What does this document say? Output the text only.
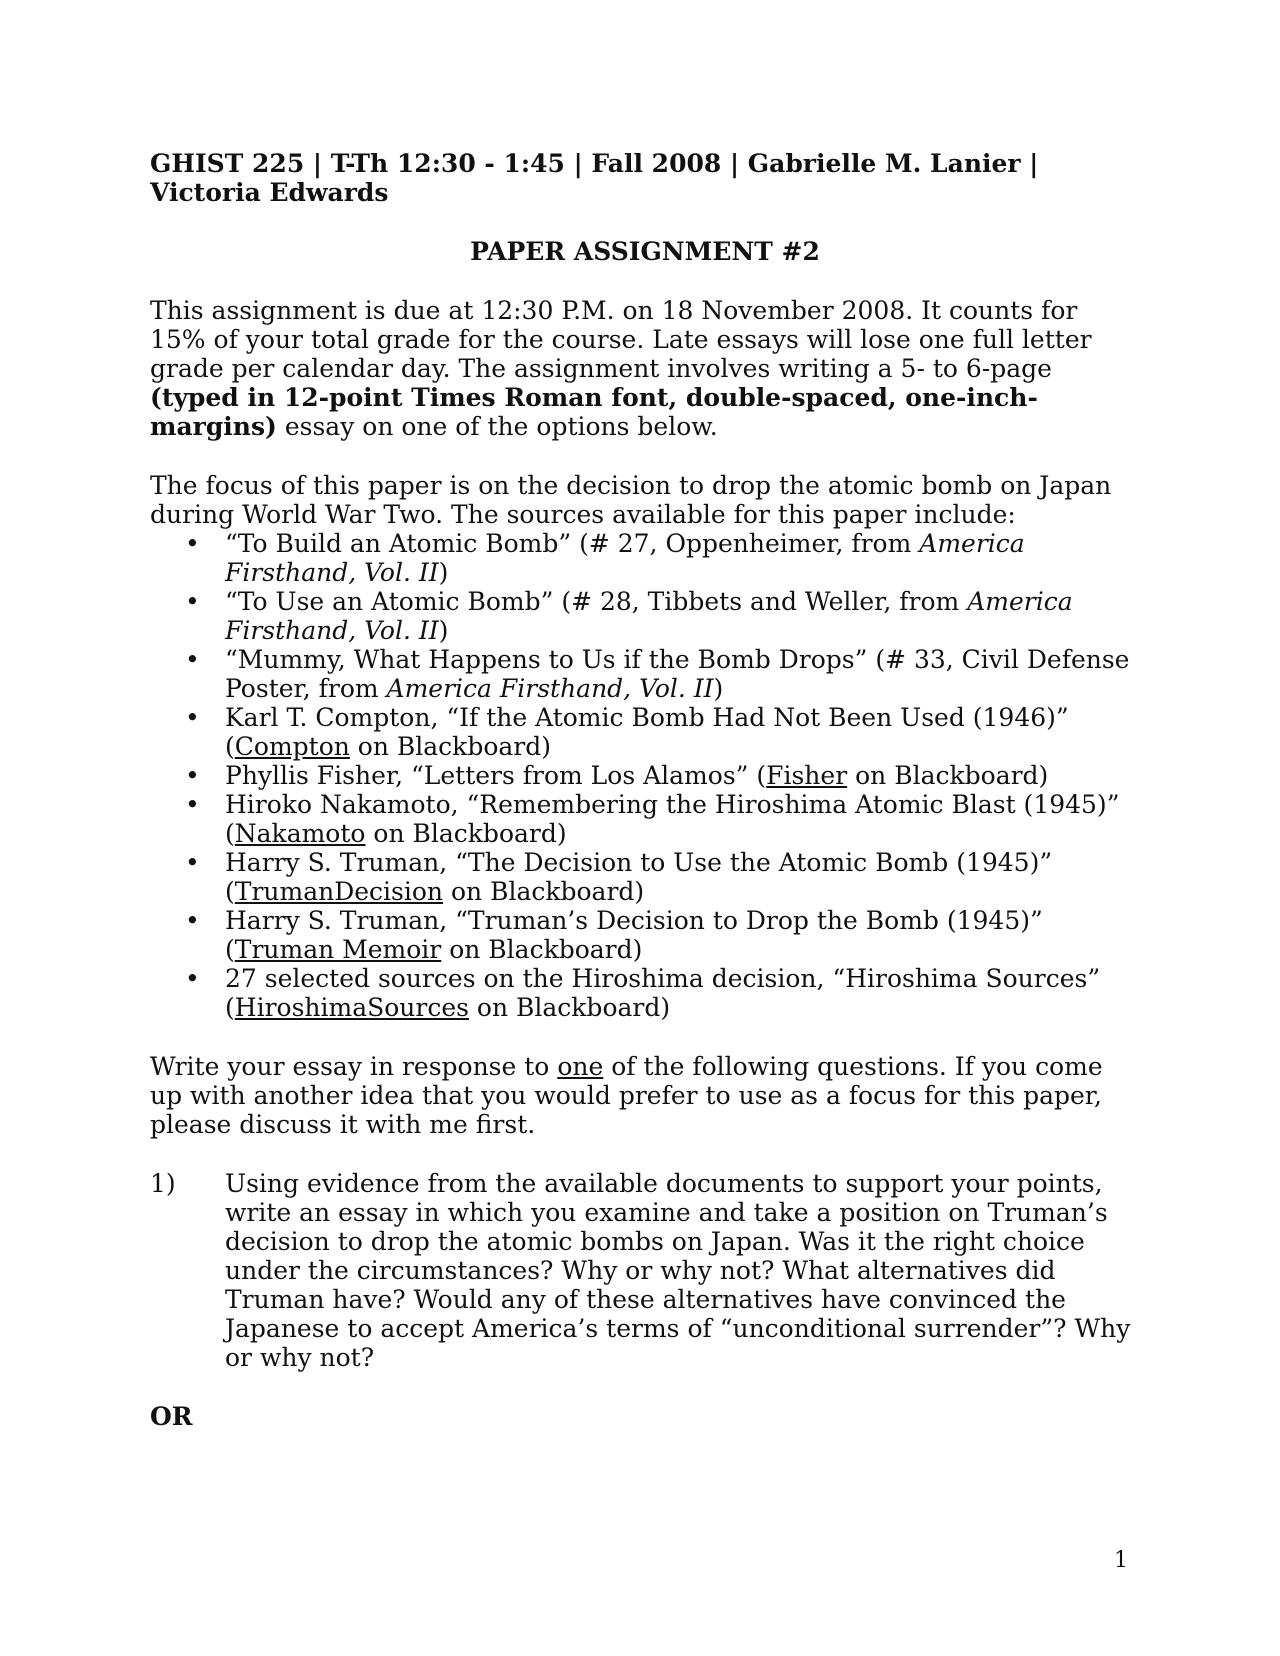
GHIST 225 | T-Th 12:30 - 1:45 | Fall 2008 | Gabrielle M. Lanier |
Victoria Edwards

PAPER ASSIGNMENT #2

This assignment is due at 12:30 P.M. on 18 November 2008. It counts for 15% of your total grade for the course. Late essays will lose one full letter grade per calendar day. The assignment involves writing a 5- to 6-page (typed in 12-point Times Roman font, double-spaced, one-inch-margins) essay on one of the options below.

The focus of this paper is on the decision to drop the atomic bomb on Japan during World War Two. The sources available for this paper include:

• “To Build an Atomic Bomb” (# 27, Oppenheimer, from America Firsthand, Vol. II)
• “To Use an Atomic Bomb” (# 28, Tibbets and Weller, from America Firsthand, Vol. II)
• “Mummy, What Happens to Us if the Bomb Drops” (# 33, Civil Defense Poster, from America Firsthand, Vol. II)
• Karl T. Compton, “If the Atomic Bomb Had Not Been Used (1946)” (Compton on Blackboard)
• Phyllis Fisher, “Letters from Los Alamos” (Fisher on Blackboard)
• Hiroko Nakamoto, “Remembering the Hiroshima Atomic Blast (1945)” (Nakamoto on Blackboard)
• Harry S. Truman, “The Decision to Use the Atomic Bomb (1945)” (TrumanDecision on Blackboard)
• Harry S. Truman, “Truman’s Decision to Drop the Bomb (1945)” (Truman Memoir on Blackboard)
• 27 selected sources on the Hiroshima decision, “Hiroshima Sources” (HiroshimaSources on Blackboard)

Write your essay in response to one of the following questions. If you come up with another idea that you would prefer to use as a focus for this paper, please discuss it with me first.

1) Using evidence from the available documents to support your points, write an essay in which you examine and take a position on Truman’s decision to drop the atomic bombs on Japan. Was it the right choice under the circumstances? Why or why not? What alternatives did Truman have? Would any of these alternatives have convinced the Japanese to accept America’s terms of “unconditional surrender”? Why or why not?

OR

1
